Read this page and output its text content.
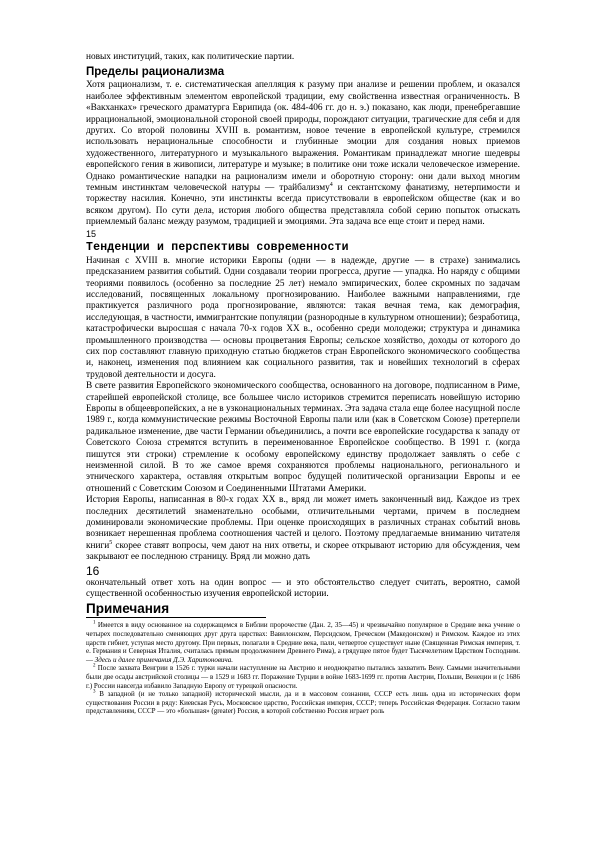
новых институций, таких, как политические партии.

Пределы рационализма

Хотя рационализм, т. е. систематическая апелляция к разуму при анализе и решении проблем, и оказался наиболее эффективным элементом европейской традиции, ему свойственна известная ограниченность. В «Вакханках» греческого драматурга Еврипида (ок. 484-406 гг. до н. э.) показано, как люди, пренебрегавшие иррациональной, эмоциональной стороной своей природы, порождают ситуации, трагические для себя и для других. Со второй половины XVIII в. романтизм, новое течение в европейской культуре, стремился использовать нерациональные способности и глубинные эмоции для создания новых приемов художественного, литературного и музыкального выражения. Романтикам принадлежат многие шедевры европейского гения в живописи, литературе и музыке; в политике они тоже искали человеческое измерение. Однако романтические нападки на рационализм имели и оборотную сторону: они дали выход многим темным инстинктам человеческой натуры — трайбализму$^4$ и сектантскому фанатизму, нетерпимости и торжеству насилия. Конечно, эти инстинкты всегда присутствовали в европейском обществе (как и во всяком другом). По сути дела, история любого общества представляла собой серию попыток отыскать приемлемый баланс между разумом, традицией и эмоциями. Эта задача все еще стоит и перед нами.

15

Тенденции и перспективы современности

Начиная с XVIII в. многие историки Европы (одни — в надежде, другие — в страхе) занимались предсказанием развития событий. Одни создавали теории прогресса, другие — упадка. Но наряду с общими теориями появилось (особенно за последние 25 лет) немало эмпирических, более скромных по задачам исследований, посвященных локальному прогнозированию. Наиболее важными направлениями, где практикуется различного рода прогнозирование, являются: такая вечная тема, как демография, исследующая, в частности, иммигрантские популяции (разнородные в культурном отношении); безработица, катастрофически выросшая с начала 70-х годов XX в., особенно среди молодежи; структура и динамика промышленного производства — основы процветания Европы; сельское хозяйство, доходы от которого до сих пор составляют главную приходную статью бюджетов стран Европейского экономического сообщества и, наконец, изменения под влиянием как социального развития, так и новейших технологий в сферах трудовой деятельности и досуга.

В свете развития Европейского экономического сообщества, основанного на договоре, подписанном в Риме, старейшей европейской столице, все большее число историков стремится переписать новейшую историю Европы в общеевропейских, а не в узконациональных терминах. Эта задача стала еще более насущной после 1989 г., когда коммунистические режимы Восточной Европы пали или (как в Советском Союзе) претерпели радикальное изменение, две части Германии объединились, а почти все европейские государства к западу от Советского Союза стремятся вступить в переименованное Европейское сообщество. В 1991 г. (когда пишутся эти строки) стремление к особому европейскому единству продолжает заявлять о себе с неизменной силой. В то же самое время сохраняются проблемы национального, регионального и этнического характера, оставляя открытым вопрос будущей политической организации Европы и ее отношений с Советским Союзом и Соединенными Штатами Америки.

История Европы, написанная в 80-х годах XX в., вряд ли может иметь законченный вид. Каждое из трех последних десятилетий знаменательно особыми, отличительными чертами, причем в последнем доминировали экономические проблемы. При оценке происходящих в различных странах событий вновь возникает нерешенная проблема соотношения частей и целого. Поэтому предлагаемые вниманию читателя книги$^5$ скорее ставят вопросы, чем дают на них ответы, и скорее открывают историю для обсуждения, чем закрывают ее последнюю страницу. Вряд ли можно дать

16

окончательный ответ хоть на один вопрос — и это обстоятельство следует считать, вероятно, самой существенной особенностью изучения европейской истории.

Примечания

$^1$ Имеется в виду основанное на содержащемся в Библии пророчестве (Дан. 2, 35—45) и чрезвычайно популярное в Средние века учение о четырех последовательно сменяющих друг друга царствах: Вавилонском, Персидском, Греческом (Македонском) и Римском. Каждое из этих царств гибнет, уступая место другому. При первых, полагали в Средние века, пали, четвертое существует ныне (Священная Римская империя, т. е. Германия и Северная Италия, считалась прямым продолжением Древнего Рима), а грядущее пятое будет Тысячелетним Царством Господним. — Здесь и далее примечания Д.Э. Харитоновича.

$^2$ После захвата Венгрии в 1526 г. турки начали наступление на Австрию и неоднократно пытались захватить Вену. Самыми значительными были две осады австрийской столицы — в 1529 и 1683 гг. Поражение Турции в войне 1683-1699 гг. против Австрии, Польши, Венеции и (с 1686 г.) России навсегда избавило Западную Европу от турецкой опасности.

$^3$ В западной (и не только западной) исторической мысли, да и в массовом сознании, СССР есть лишь одна из исторических форм существования России в ряду: Киевская Русь, Московское царство, Российская империя, СССР; теперь Российская Федерация. Согласно таким представлениям, СССР — это «большая» (greater) Россия, в которой собственно Россия играет роль
